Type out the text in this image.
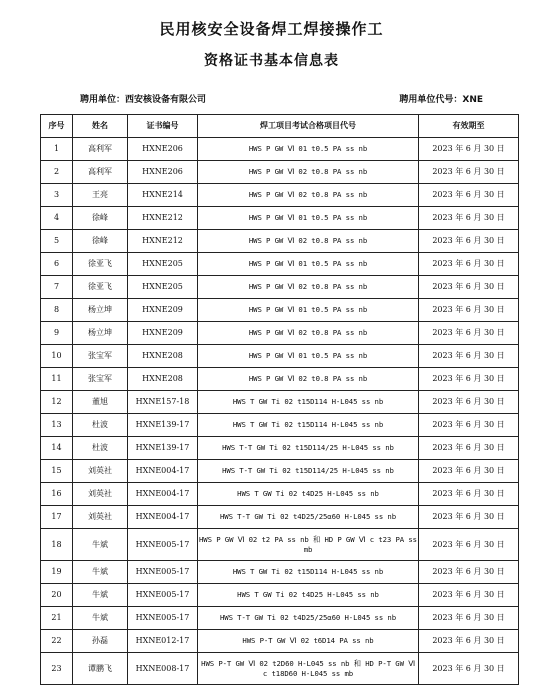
民用核安全设备焊工焊接操作工
资格证书基本信息表
聘用单位：西安核设备有限公司	聘用单位代号：XNE
序号	姓名	证书编号	焊工项目考试合格项目代号	有效期至
1	高利军	HXNE206	HWS P GW Ⅵ 01 t0.5 PA ss nb	2023 年 6 月 30 日
2	高利军	HXNE206	HWS P GW Ⅵ 02 t0.8 PA ss nb	2023 年 6 月 30 日
3	王亮	HXNE214	HWS P GW Ⅵ 02 t0.8 PA ss nb	2023 年 6 月 30 日
4	徐峰	HXNE212	HWS P GW Ⅵ 01 t0.5 PA ss nb	2023 年 6 月 30 日
5	徐峰	HXNE212	HWS P GW Ⅵ 02 t0.8 PA ss nb	2023 年 6 月 30 日
6	徐亚飞	HXNE205	HWS P GW Ⅵ 01 t0.5 PA ss nb	2023 年 6 月 30 日
7	徐亚飞	HXNE205	HWS P GW Ⅵ 02 t0.8 PA ss nb	2023 年 6 月 30 日
8	杨立坤	HXNE209	HWS P GW Ⅵ 01 t0.5 PA ss nb	2023 年 6 月 30 日
9	杨立坤	HXNE209	HWS P GW Ⅵ 02 t0.8 PA ss nb	2023 年 6 月 30 日
10	张宝军	HXNE208	HWS P GW Ⅵ 01 t0.5 PA ss nb	2023 年 6 月 30 日
11	张宝军	HXNE208	HWS P GW Ⅵ 02 t0.8 PA ss nb	2023 年 6 月 30 日
12	董旭	HXNE157-18	HWS T GW Ti 02 t15D114 H-L045 ss nb	2023 年 6 月 30 日
13	杜波	HXNE139-17	HWS T GW Ti 02 t15D114 H-L045 ss nb	2023 年 6 月 30 日
14	杜波	HXNE139-17	HWS T-T GW Ti 02 t15D114/25 H-L045 ss nb	2023 年 6 月 30 日
15	刘英社	HXNE004-17	HWS T-T GW Ti 02 t15D114/25 H-L045 ss nb	2023 年 6 月 30 日
16	刘英社	HXNE004-17	HWS T GW Ti 02 t4D25 H-L045 ss nb	2023 年 6 月 30 日
17	刘英社	HXNE004-17	HWS T-T GW Ti 02 t4D25/25α60 H-L045 ss nb	2023 年 6 月 30 日
18	牛斌	HXNE005-17	HWS P GW Ⅵ 02 t2 PA ss nb 和 HD P GW Ⅵ c t23 PA ss mb	2023 年 6 月 30 日
19	牛斌	HXNE005-17	HWS T GW Ti 02 t15D114 H-L045 ss nb	2023 年 6 月 30 日
20	牛斌	HXNE005-17	HWS T GW Ti 02 t4D25 H-L045 ss nb	2023 年 6 月 30 日
21	牛斌	HXNE005-17	HWS T-T GW Ti 02 t4D25/25α60 H-L045 ss nb	2023 年 6 月 30 日
22	孙磊	HXNE012-17	HWS P-T GW Ⅵ 02 t6D14 PA ss nb	2023 年 6 月 30 日
23	谭鹏飞	HXNE008-17	HWS P-T GW Ⅵ 02 t2D60 H-L045 ss nb 和 HD P-T GW Ⅵ c t18D60 H-L045 ss mb	2023 年 6 月 30 日
